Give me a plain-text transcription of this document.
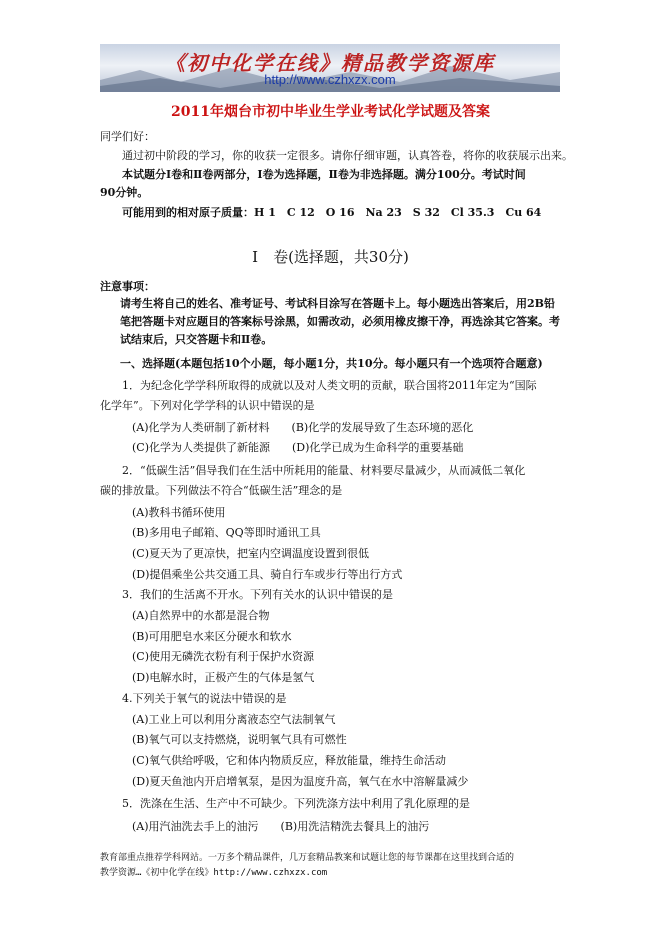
《初中化学在线》精品教学资源库
http://www.czhxzx.com
2011年烟台市初中毕业生学业考试化学试题及答案
同学们好：
通过初中阶段的学习，你的收获一定很多。请你仔细审题，认真答卷，将你的收获展示出来。
本试题分Ⅰ卷和Ⅱ卷两部分，Ⅰ卷为选择题，Ⅱ卷为非选择题。满分100分。考试时间
90分钟。
可能用到的相对原子质量：H 1　C 12　O 16　Na 23　S 32　Cl 35.3　Cu 64
Ⅰ　卷(选择题，共30分)
注意事项：
请考生将自己的姓名、准考证号、考试科目涂写在答题卡上。每小题选出答案后，用2B铅
笔把答题卡对应题目的答案标号涂黑，如需改动，必须用橡皮擦干净，再选涂其它答案。考
试结束后，只交答题卡和Ⅱ卷。
一、选择题(本题包括10个小题，每小题1分，共10分。每小题只有一个选项符合题意)
1．为纪念化学学科所取得的成就以及对人类文明的贡献，联合国将2011年定为“国际
化学年”。下列对化学学科的认识中错误的是
(A)化学为人类研制了新材料　　(B)化学的发展导致了生态环境的恶化
(C)化学为人类提供了新能源　　(D)化学已成为生命科学的重要基础
2．“低碳生活”倡导我们在生活中所耗用的能量、材料要尽量减少，从而减低二氧化
碳的排放量。下列做法不符合“低碳生活”理念的是
(A)教科书循环使用
(B)多用电子邮箱、QQ等即时通讯工具
(C)夏天为了更凉快，把室内空调温度设置到很低
(D)提倡乘坐公共交通工具、骑自行车或步行等出行方式
3．我们的生活离不开水。下列有关水的认识中错误的是
(A)自然界中的水都是混合物
(B)可用肥皂水来区分硬水和软水
(C)使用无磷洗衣粉有利于保护水资源
(D)电解水时，正极产生的气体是氢气
4.下列关于氧气的说法中错误的是
(A)工业上可以利用分离液态空气法制氧气
(B)氧气可以支持燃烧，说明氧气具有可燃性
(C)氧气供给呼吸，它和体内物质反应，释放能量，维持生命活动
(D)夏天鱼池内开启增氧泵，是因为温度升高，氧气在水中溶解量减少
5．洗涤在生活、生产中不可缺少。下列洗涤方法中利用了乳化原理的是
(A)用汽油洗去手上的油污　　(B)用洗洁精洗去餐具上的油污
教育部重点推荐学科网站。一万多个精品课件，几万套精品教案和试题让您的每节课都在这里找到合适的
教学资源…《初中化学在线》http://www.czhxzx.com
